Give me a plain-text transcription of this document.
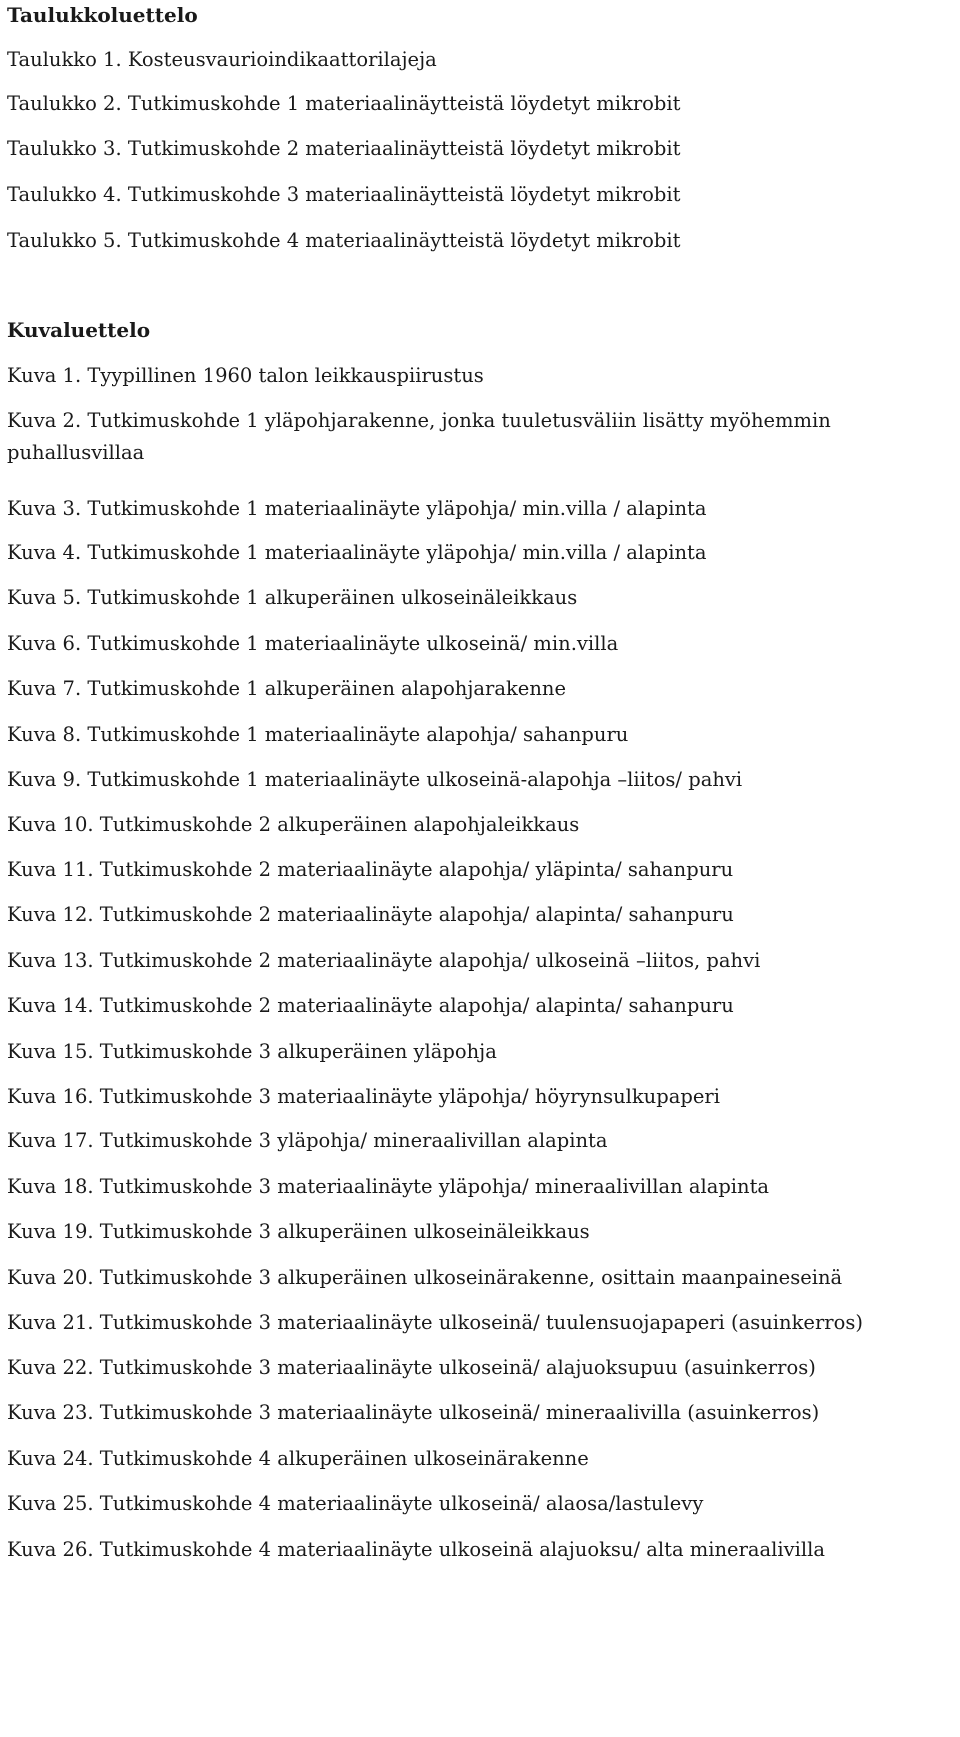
Taulukkoluettelo

Taulukko 1. Kosteusvaurioindikaattorilajeja

Taulukko 2. Tutkimuskohde 1 materiaalinäytteistä löydetyt mikrobit

Taulukko 3. Tutkimuskohde 2 materiaalinäytteistä löydetyt mikrobit

Taulukko 4. Tutkimuskohde 3 materiaalinäytteistä löydetyt mikrobit

Taulukko 5. Tutkimuskohde 4 materiaalinäytteistä löydetyt mikrobit

Kuvaluettelo

Kuva 1. Tyypillinen 1960 talon leikkauspiirustus

Kuva 2. Tutkimuskohde 1 yläpohjarakenne, jonka tuuletusväliin lisätty myöhemmin puhallusvillaa

Kuva 3. Tutkimuskohde 1 materiaalinäyte yläpohja/ min.villa / alapinta

Kuva 4. Tutkimuskohde 1 materiaalinäyte yläpohja/ min.villa / alapinta

Kuva 5. Tutkimuskohde 1 alkuperäinen ulkoseinäleikkaus

Kuva 6. Tutkimuskohde 1 materiaalinäyte ulkoseinä/ min.villa

Kuva 7. Tutkimuskohde 1 alkuperäinen alapohjarakenne

Kuva 8. Tutkimuskohde 1 materiaalinäyte alapohja/ sahanpuru

Kuva 9. Tutkimuskohde 1 materiaalinäyte ulkoseinä-alapohja –liitos/ pahvi

Kuva 10. Tutkimuskohde 2 alkuperäinen alapohjaleikkaus

Kuva 11. Tutkimuskohde 2 materiaalinäyte alapohja/ yläpinta/ sahanpuru

Kuva 12. Tutkimuskohde 2 materiaalinäyte alapohja/ alapinta/ sahanpuru

Kuva 13. Tutkimuskohde 2 materiaalinäyte alapohja/ ulkoseinä –liitos, pahvi

Kuva 14. Tutkimuskohde 2 materiaalinäyte alapohja/ alapinta/ sahanpuru

Kuva 15. Tutkimuskohde 3 alkuperäinen yläpohja

Kuva 16. Tutkimuskohde 3 materiaalinäyte yläpohja/ höyrynsulkupaperi

Kuva 17. Tutkimuskohde 3 yläpohja/ mineraalivillan alapinta

Kuva 18. Tutkimuskohde 3 materiaalinäyte yläpohja/ mineraalivillan alapinta

Kuva 19. Tutkimuskohde 3 alkuperäinen ulkoseinäleikkaus

Kuva 20. Tutkimuskohde 3 alkuperäinen ulkoseinärakenne, osittain maanpaineseinä

Kuva 21. Tutkimuskohde 3 materiaalinäyte ulkoseinä/ tuulensuojapaperi (asuinkerros)

Kuva 22. Tutkimuskohde 3 materiaalinäyte ulkoseinä/ alajuoksupuu (asuinkerros)

Kuva 23. Tutkimuskohde 3 materiaalinäyte ulkoseinä/ mineraalivilla (asuinkerros)

Kuva 24. Tutkimuskohde 4 alkuperäinen ulkoseinärakenne

Kuva 25. Tutkimuskohde 4 materiaalinäyte ulkoseinä/ alaosa/lastulevy

Kuva 26. Tutkimuskohde 4 materiaalinäyte ulkoseinä alajuoksu/ alta mineraalivilla
